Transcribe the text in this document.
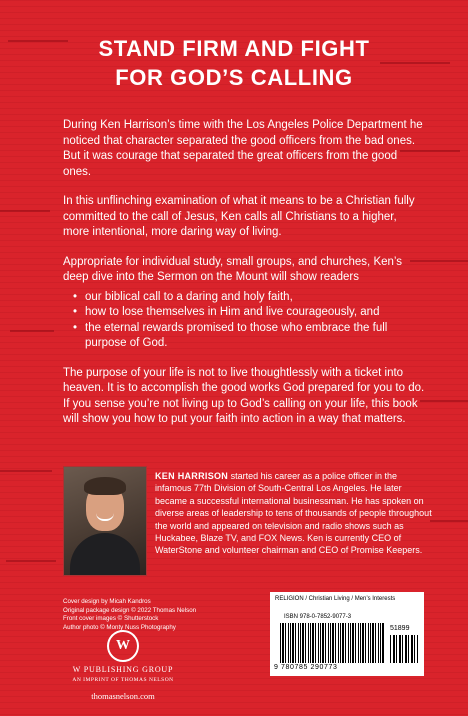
STAND FIRM AND FIGHT
FOR GOD’S CALLING

During Ken Harrison’s time with the Los Angeles Police Department he noticed that character separated the good officers from the bad ones. But it was courage that separated the great officers from the good ones.

In this unflinching examination of what it means to be a Christian fully committed to the call of Jesus, Ken calls all Christians to a higher, more intentional, more daring way of living.

Appropriate for individual study, small groups, and churches, Ken’s deep dive into the Sermon on the Mount will show readers

• our biblical call to a daring and holy faith,
• how to lose themselves in Him and live courageously, and
• the eternal rewards promised to those who embrace the full purpose of God.

The purpose of your life is not to live thoughtlessly with a ticket into heaven. It is to accomplish the good works God prepared for you to do. If you sense you’re not living up to God’s calling on your life, this book will show you how to put your faith into action in a way that matters.

KEN HARRISON started his career as a police officer in the infamous 77th Division of South-Central Los Angeles. He later became a successful international businessman. He has spoken on diverse areas of leadership to tens of thousands of people throughout the world and appeared on television and radio shows such as Huckabee, Blaze TV, and FOX News. Ken is currently CEO of WaterStone and volunteer chairman and CEO of Promise Keepers.
Cover design by Micah Kandros
Original package design © 2022 Thomas Nelson
Front cover images © Shutterstock
Author photo © Monty Nuss Photography
W
W PUBLISHING GROUP
AN IMPRINT OF THOMAS NELSON
thomasnelson.com
RELIGION / Christian Living / Men’s Interests
ISBN 978-0-7852-9077-3
51899
9 780785 290773
